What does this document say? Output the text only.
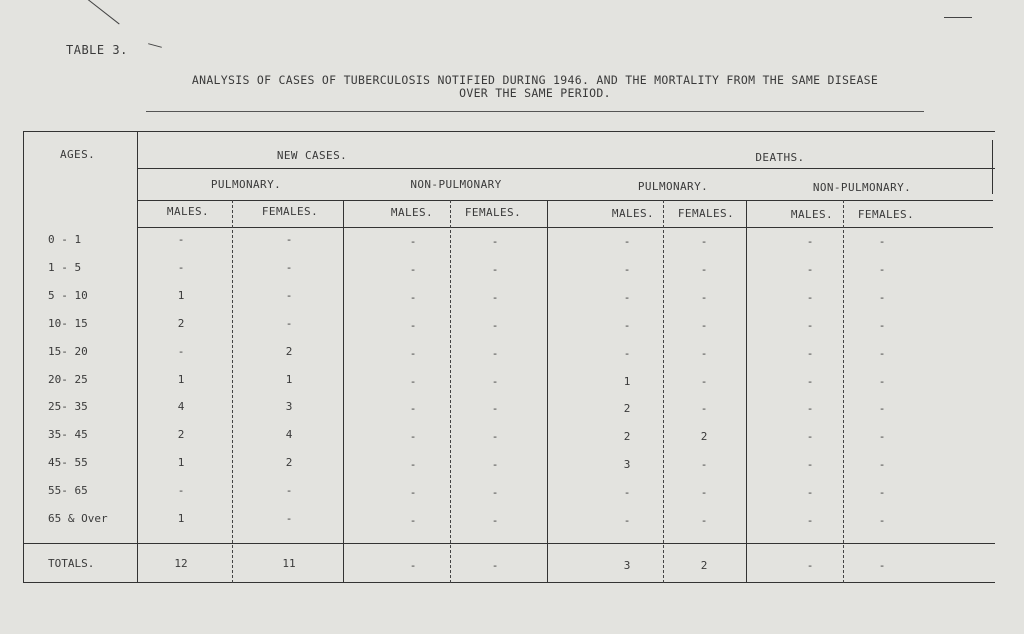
TABLE 3.
ANALYSIS OF CASES OF TUBERCULOSIS NOTIFIED DURING 1946. AND THE MORTALITY FROM THE SAME DISEASE
OVER THE SAME PERIOD.
AGES.	NEW CASES.	DEATHS.
PULMONARY.	NON-PULMONARY	PULMONARY.	NON-PULMONARY.
MALES.	FEMALES.	MALES.	FEMALES.	MALES. FEMALES.	MALES. FEMALES.
0 - 1	-	-	-	-	-	-	-	-
1 - 5	-	-	-	-	-	-	-	-
5 - 10	1	-	-	-	-	-	-	-
10- 15	2	-	-	-	-	-	-	-
15- 20	-	2	-	-	-	-	-	-
20- 25	1	1	-	-	1	-	-	-
25- 35	4	3	-	-	2	-	-	-
35- 45	2	4	-	-	2	2	-	-
45- 55	1	2	-	-	3	-	-	-
55- 65	-	-	-	-	-	-	-	-
65 & Over	1	-	-	-	-	-	-	-
TOTALS.	12	11	-	-	3	2	-	-
